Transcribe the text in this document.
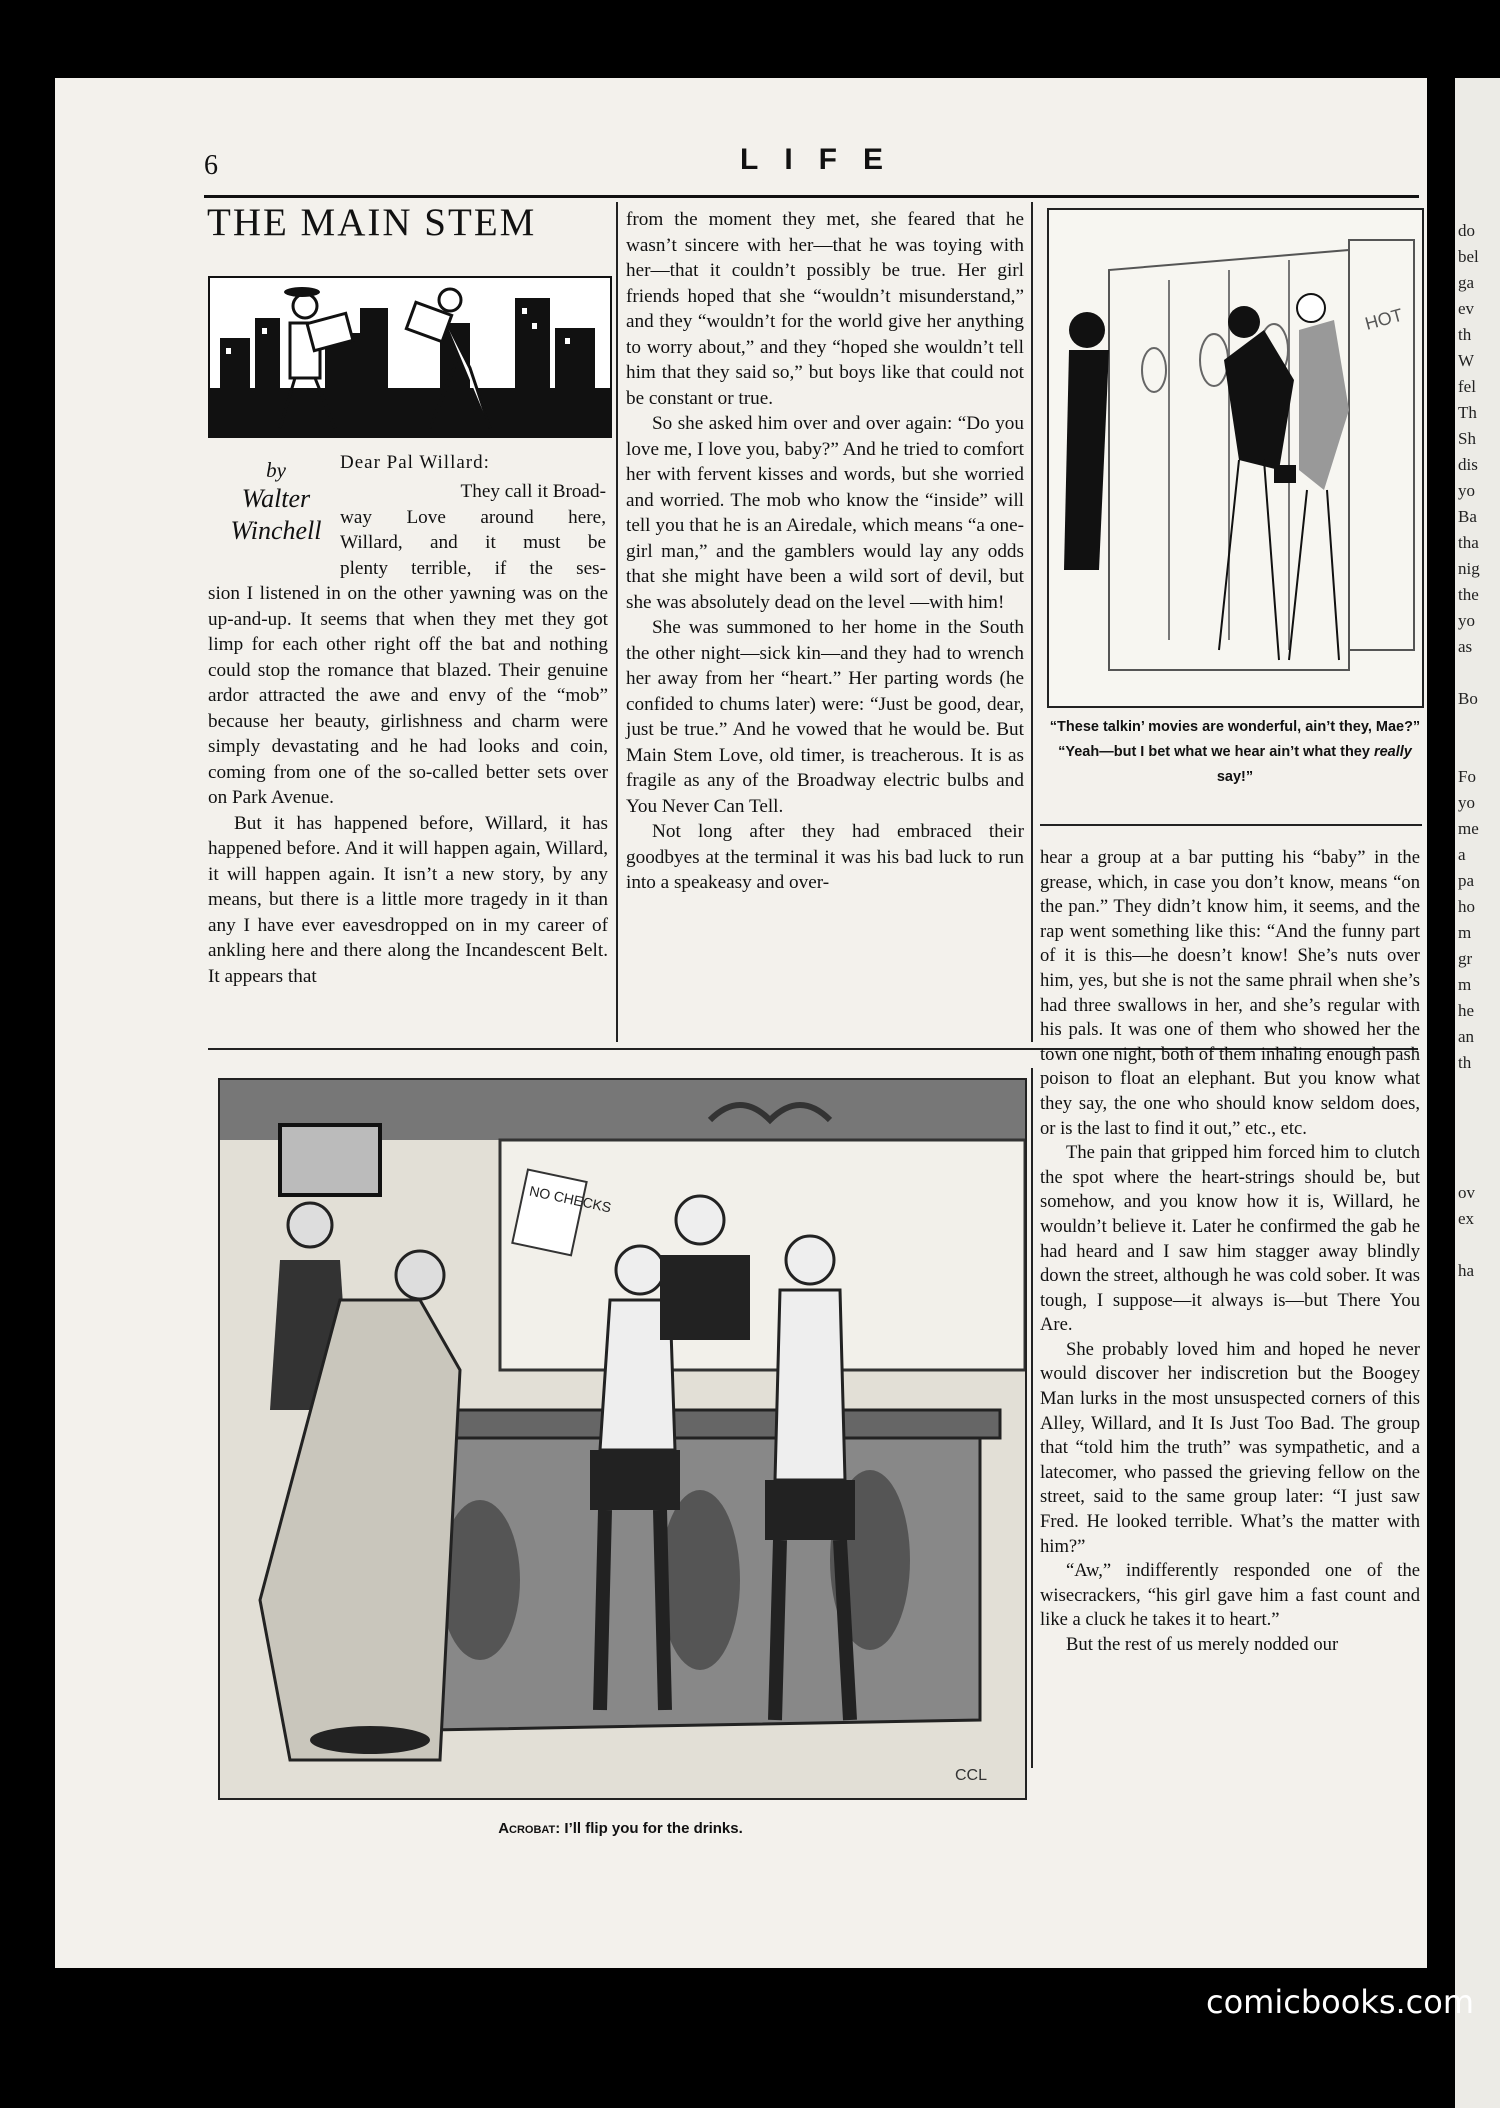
do
bel
ga
ev
th
W
fel
Th
Sh
dis
yo
Ba
tha
nig
the
yo
as

Bo

Fo
yo
me
a
pa
ho
m
gr
m
he
an
th

ov
ex

ha
6	LIFE
THE MAIN STEM
by
Walter
Winchell
Dear Pal Willard:
They call it Broad-
way Love around here,
Willard, and it must be
plenty terrible, if the ses-

sion I listened in on the other yawning was on the up-and-up. It seems that when they met they got limp for each other right off the bat and nothing could stop the romance that blazed. Their genuine ardor attracted the awe and envy of the “mob” because her beauty, girlishness and charm were simply devastating and he had looks and coin, coming from one of the so-called better sets over on Park Avenue.

But it has happened before, Willard, it has happened before. And it will happen again, Willard, it will happen again. It isn’t a new story, by any means, but there is a little more tragedy in it than any I have ever eavesdropped on in my career of ankling here and there along the Incandescent Belt. It appears that

from the moment they met, she feared that he wasn’t sincere with her—that he was toying with her—that it couldn’t possibly be true. Her girl friends hoped that she “wouldn’t misunderstand,” and they “wouldn’t for the world give her anything to worry about,” and they “hoped she wouldn’t tell him that they said so,” but boys like that could not be constant or true.

So she asked him over and over again: “Do you love me, I love you, baby?” And he tried to comfort her with fervent kisses and words, but she worried and worried. The mob who know the “inside” will tell you that he is an Airedale, which means “a one-girl man,” and the gamblers would lay any odds that she might have been a wild sort of devil, but she was absolutely dead on the level —with him!

She was summoned to her home in the South the other night—sick kin—and they had to wrench her away from her “heart.” Her parting words (he confided to chums later) were: “Just be good, dear, just be true.” And he vowed that he would be. But Main Stem Love, old timer, is treacherous. It is as fragile as any of the Broadway electric bulbs and You Never Can Tell.

Not long after they had embraced their goodbyes at the terminal it was his bad luck to run into a speakeasy and over-

HOT
“These talkin’ movies are wonderful, ain’t they, Mae?”
“Yeah—but I bet what we hear ain’t what they really say!”

hear a group at a bar putting his “baby” in the grease, which, in case you don’t know, means “on the pan.” They didn’t know him, it seems, and the rap went something like this: “And the funny part of it is this—he doesn’t know! She’s nuts over him, yes, but she is not the same phrail when she’s had three swallows in her, and she’s regular with his pals. It was one of them who showed her the town one night, both of them inhaling enough pash poison to float an elephant. But you know what they say, the one who should know seldom does, or is the last to find it out,” etc., etc.

The pain that gripped him forced him to clutch the spot where the heart-strings should be, but somehow, and you know how it is, Willard, he wouldn’t believe it. Later he confirmed the gab he had heard and I saw him stagger away blindly down the street, although he was cold sober. It was tough, I suppose—it always is—but There You Are.

She probably loved him and hoped he never would discover her indiscretion but the Boogey Man lurks in the most unsuspected corners of this Alley, Willard, and It Is Just Too Bad. The group that “told him the truth” was sympathetic, and a latecomer, who passed the grieving fellow on the street, said to the same group later: “I just saw Fred. He looked terrible. What’s the matter with him?”

“Aw,” indifferently responded one of the wisecrackers, “his girl gave him a fast count and like a cluck he takes it to heart.”

But the rest of us merely nodded our

NO CHECKS
CCL
Acrobat: I’ll flip you for the drinks.
comicbooks.com
